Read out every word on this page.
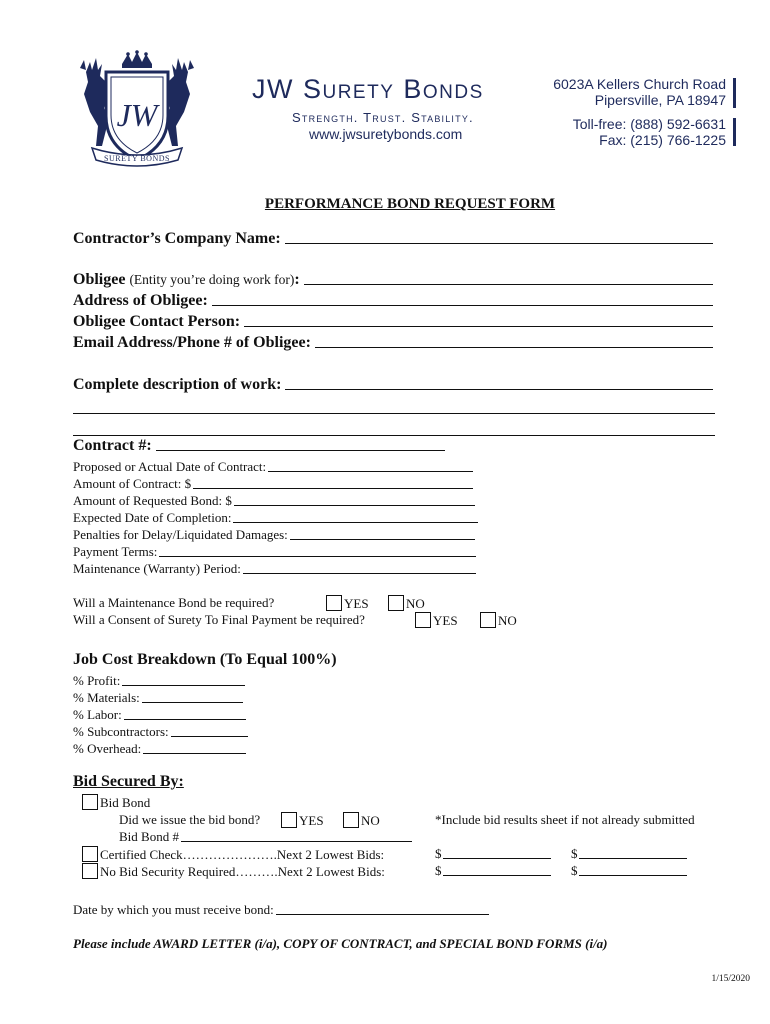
JW
SURETY BONDS
JW Surety Bonds
Strength. Trust. Stability.
www.jwsuretybonds.com
6023A Kellers Church Road
Pipersville, PA 18947
Toll-free: (888) 592-6631
Fax: (215) 766-1225
PERFORMANCE BOND REQUEST FORM
Contractor’s Company Name:
Obligee (Entity you’re doing work for):
Address of Obligee:
Obligee Contact Person:
Email Address/Phone # of Obligee:
Complete description of work:
Contract #:
Proposed or Actual Date of Contract:
Amount of Contract: $
Amount of Requested Bond: $
Expected Date of Completion:
Penalties for Delay/Liquidated Damages:
Payment Terms:
Maintenance (Warranty) Period:
Will a Maintenance Bond be required?	YES	NO
Will a Consent of Surety To Final Payment be required?	YES	NO
Job Cost Breakdown (To Equal 100%)
% Profit:
% Materials:
% Labor:
% Subcontractors:
% Overhead:
Bid Secured By:
Bid Bond
Did we issue the bid bond?	YES	NO	*Include bid results sheet if not already submitted
Bid Bond #
Certified Check………………….Next 2 Lowest Bids:	$	$
No Bid Security Required……….Next 2 Lowest Bids:	$	$
Date by which you must receive bond:
Please include AWARD LETTER (i/a), COPY OF CONTRACT, and SPECIAL BOND FORMS (i/a)
1/15/2020
